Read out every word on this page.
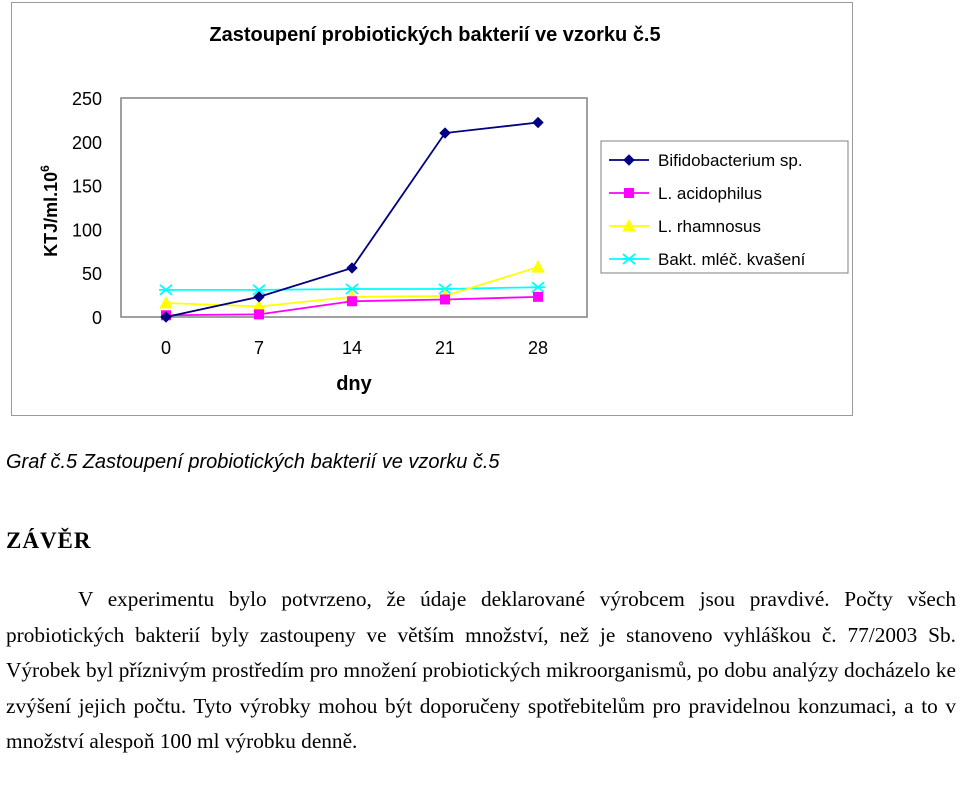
Zastoupení probiotických bakterií ve vzorku č.5
KTJ/$ml.10^6$
0
50
100
150
200
250
0	7	14	21	28
dny
Bifidobacterium sp.
L. acidophilus
L. rhamnosus
Bakt. mléč. kvašení
Graf č.5 Zastoupení probiotických bakterií ve vzorku č.5
ZÁVĚR

V experimentu bylo potvrzeno, že údaje deklarované výrobcem jsou pravdivé. Počty všech probiotických bakterií byly zastoupeny ve větším množství, než je stanoveno vyhláškou č. 77/2003 Sb. Výrobek byl příznivým prostředím pro množení probiotických mikroorganismů, po dobu analýzy docházelo ke zvýšení jejich počtu. Tyto výrobky mohou být doporučeny spotřebitelům pro pravidelnou konzumaci, a to v množství alespoň 100 ml výrobku denně.
